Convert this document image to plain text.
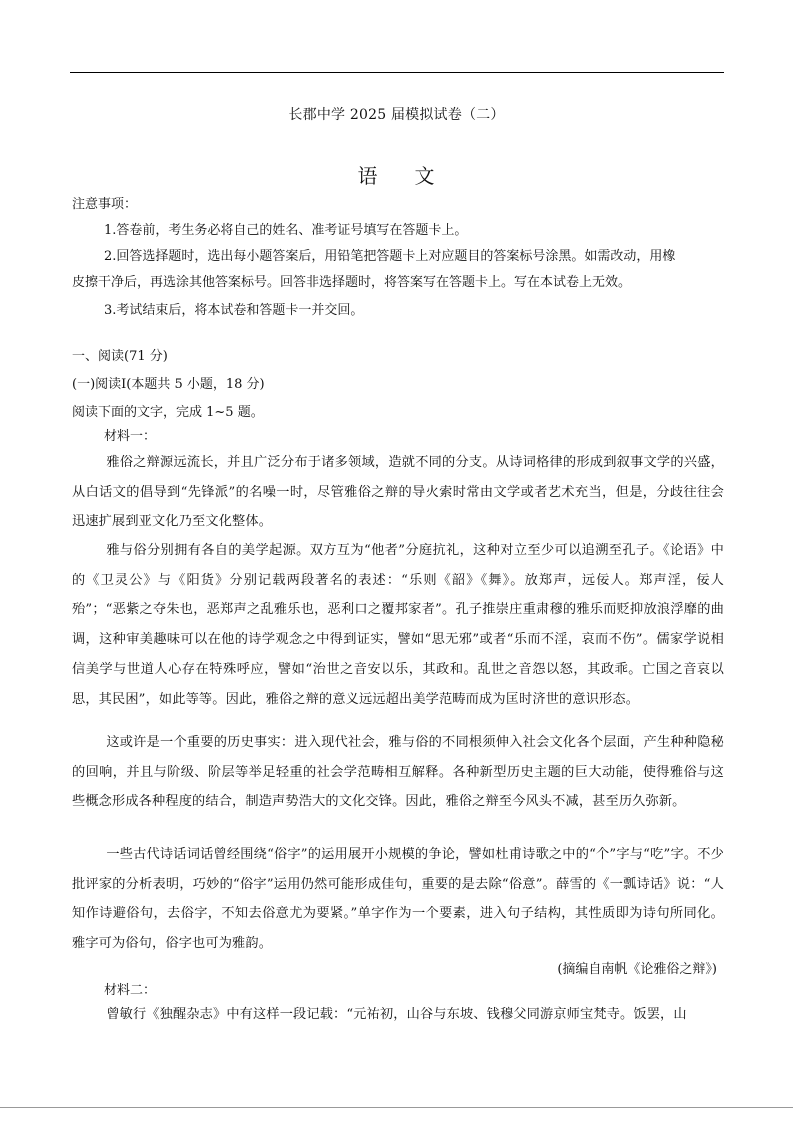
长郡中学 2025 届模拟试卷（二）
语 文
注意事项：
1.答卷前，考生务必将自己的姓名、准考证号填写在答题卡上。
2.回答选择题时，选出每小题答案后，用铅笔把答题卡上对应题目的答案标号涂黑。如需改动，用橡
皮擦干净后，再选涂其他答案标号。回答非选择题时，将答案写在答题卡上。写在本试卷上无效。
3.考试结束后，将本试卷和答题卡一并交回。
一、阅读(71 分)
(一)阅读Ⅰ(本题共 5 小题，18 分)
阅读下面的文字，完成 1~5 题。
材料一：
雅俗之辩源远流长，并且广泛分布于诸多领域，造就不同的分支。从诗词格律的形成到叙事文学的兴盛，从白话文的倡导到“先锋派”的名噪一时，尽管雅俗之辩的导火索时常由文学或者艺术充当，但是，分歧往往会迅速扩展到亚文化乃至文化整体。
雅与俗分别拥有各自的美学起源。双方互为“他者”分庭抗礼，这种对立至少可以追溯至孔子。《论语》中的《卫灵公》与《阳货》分别记载两段著名的表述：“乐则《韶》《舞》。放郑声，远佞人。郑声淫，佞人殆”；“恶紫之夺朱也，恶郑声之乱雅乐也，恶利口之覆邦家者”。孔子推崇庄重肃穆的雅乐而贬抑放浪浮靡的曲调，这种审美趣味可以在他的诗学观念之中得到证实，譬如“思无邪”或者“乐而不淫，哀而不伤”。儒家学说相信美学与世道人心存在特殊呼应，譬如“治世之音安以乐，其政和。乱世之音怨以怒，其政乖。亡国之音哀以思，其民困”，如此等等。因此，雅俗之辩的意义远远超出美学范畴而成为匡时济世的意识形态。
这或许是一个重要的历史事实：进入现代社会，雅与俗的不同根须伸入社会文化各个层面，产生种种隐秘的回响，并且与阶级、阶层等举足轻重的社会学范畴相互解释。各种新型历史主题的巨大动能，使得雅俗与这些概念形成各种程度的结合，制造声势浩大的文化交锋。因此，雅俗之辩至今风头不减，甚至历久弥新。
一些古代诗话词话曾经围绕“俗字”的运用展开小规模的争论，譬如杜甫诗歌之中的“个”字与“吃”字。不少批评家的分析表明，巧妙的“俗字”运用仍然可能形成佳句，重要的是去除“俗意”。薛雪的《一瓢诗话》说：“人知作诗避俗句，去俗字，不知去俗意尤为要紧。”单字作为一个要素，进入句子结构，其性质即为诗句所同化。雅字可为俗句，俗字也可为雅韵。
(摘编自南帆《论雅俗之辩》)
材料二：
曾敏行《独醒杂志》中有这样一段记载：“元祐初，山谷与东坡、钱穆父同游京师宝梵寺。饭罢，山
